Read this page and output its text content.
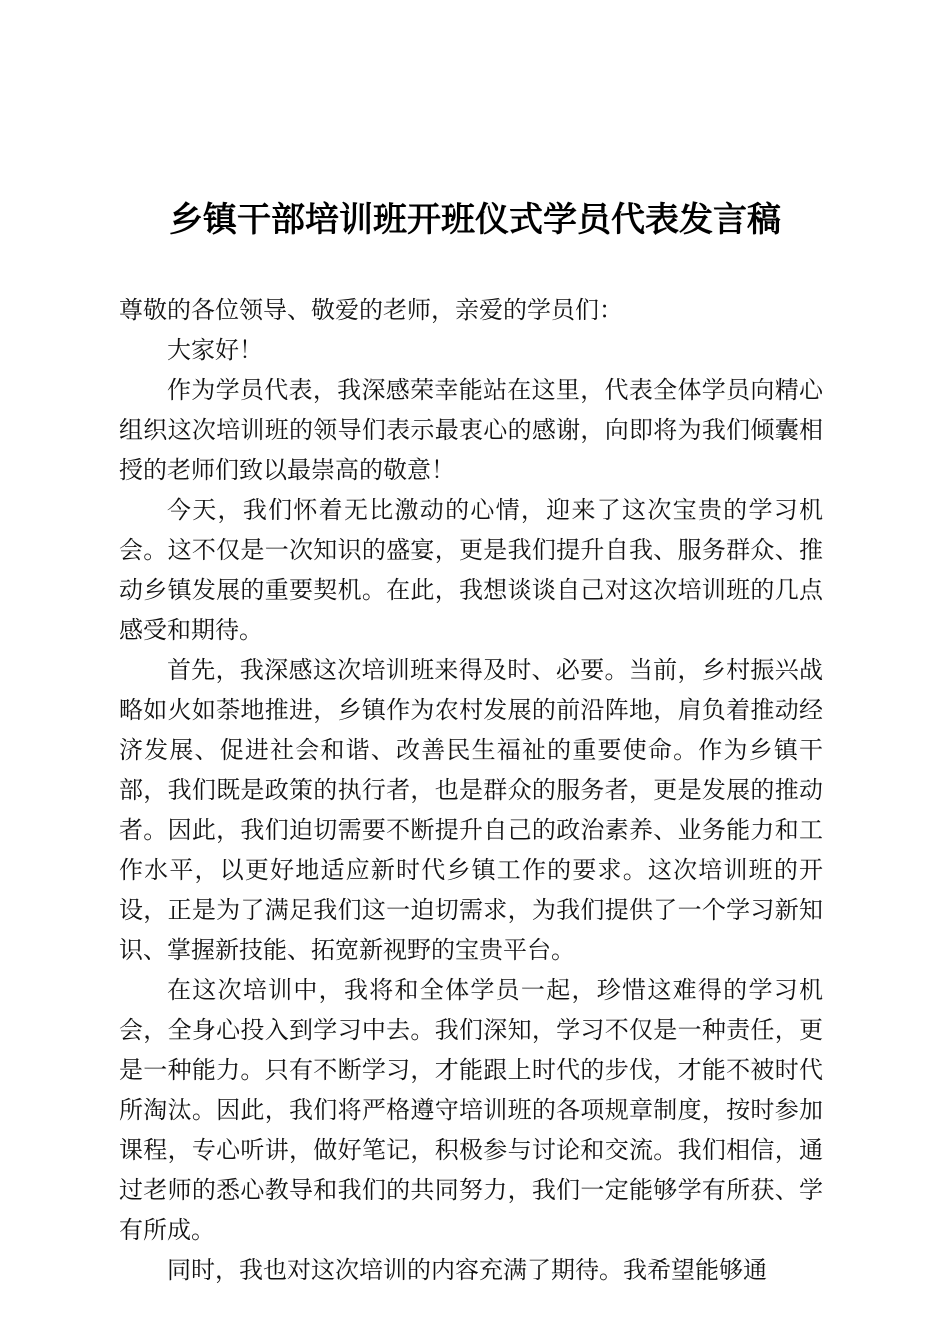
乡镇干部培训班开班仪式学员代表发言稿

尊敬的各位领导、敬爱的老师，亲爱的学员们：

大家好！

作为学员代表，我深感荣幸能站在这里，代表全体学员向精心组织这次培训班的领导们表示最衷心的感谢，向即将为我们倾囊相授的老师们致以最崇高的敬意！

今天，我们怀着无比激动的心情，迎来了这次宝贵的学习机会。这不仅是一次知识的盛宴，更是我们提升自我、服务群众、推动乡镇发展的重要契机。在此，我想谈谈自己对这次培训班的几点感受和期待。

首先，我深感这次培训班来得及时、必要。当前，乡村振兴战略如火如荼地推进，乡镇作为农村发展的前沿阵地，肩负着推动经济发展、促进社会和谐、改善民生福祉的重要使命。作为乡镇干部，我们既是政策的执行者，也是群众的服务者，更是发展的推动者。因此，我们迫切需要不断提升自己的政治素养、业务能力和工作水平，以更好地适应新时代乡镇工作的要求。这次培训班的开设，正是为了满足我们这一迫切需求，为我们提供了一个学习新知识、掌握新技能、拓宽新视野的宝贵平台。

在这次培训中，我将和全体学员一起，珍惜这难得的学习机会，全身心投入到学习中去。我们深知，学习不仅是一种责任，更是一种能力。只有不断学习，才能跟上时代的步伐，才能不被时代所淘汰。因此，我们将严格遵守培训班的各项规章制度，按时参加课程，专心听讲，做好笔记，积极参与讨论和交流。我们相信，通过老师的悉心教导和我们的共同努力，我们一定能够学有所获、学有所成。

同时，我也对这次培训的内容充满了期待。我希望能够通
